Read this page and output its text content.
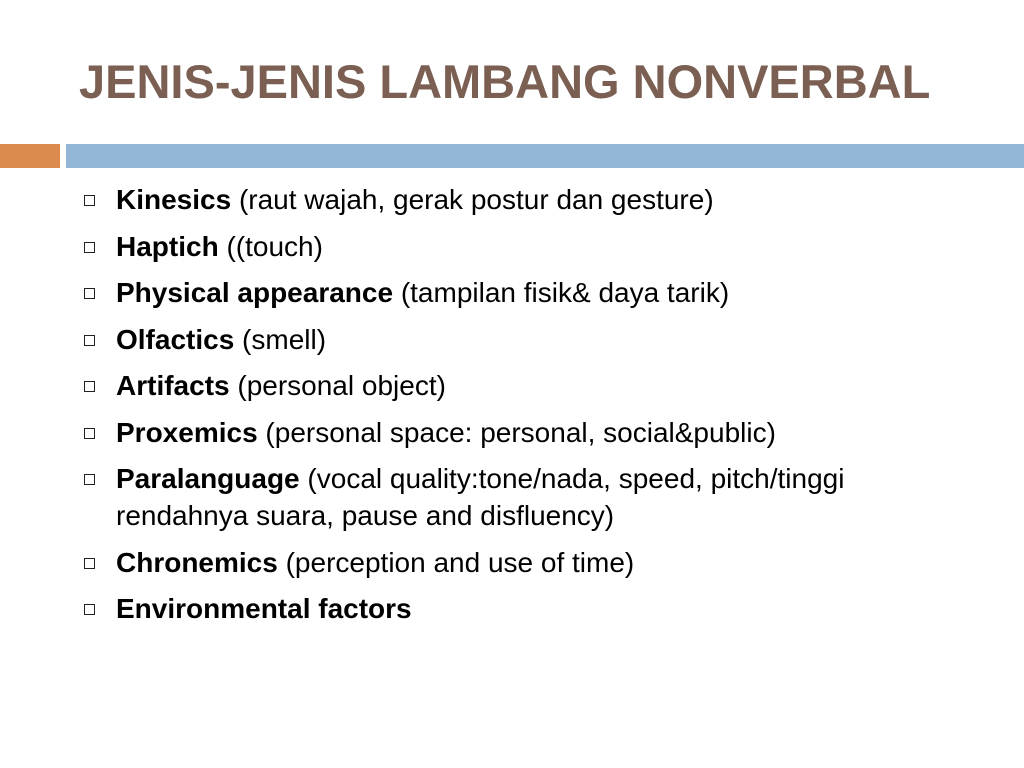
JENIS-JENIS LAMBANG NONVERBAL
Kinesics (raut wajah, gerak postur dan gesture)
Haptich ((touch)
Physical appearance (tampilan fisik& daya tarik)
Olfactics (smell)
Artifacts (personal object)
Proxemics (personal space: personal, social&public)
Paralanguage (vocal quality:tone/nada, speed, pitch/tinggi rendahnya suara, pause and disfluency)
Chronemics (perception and use of time)
Environmental factors
